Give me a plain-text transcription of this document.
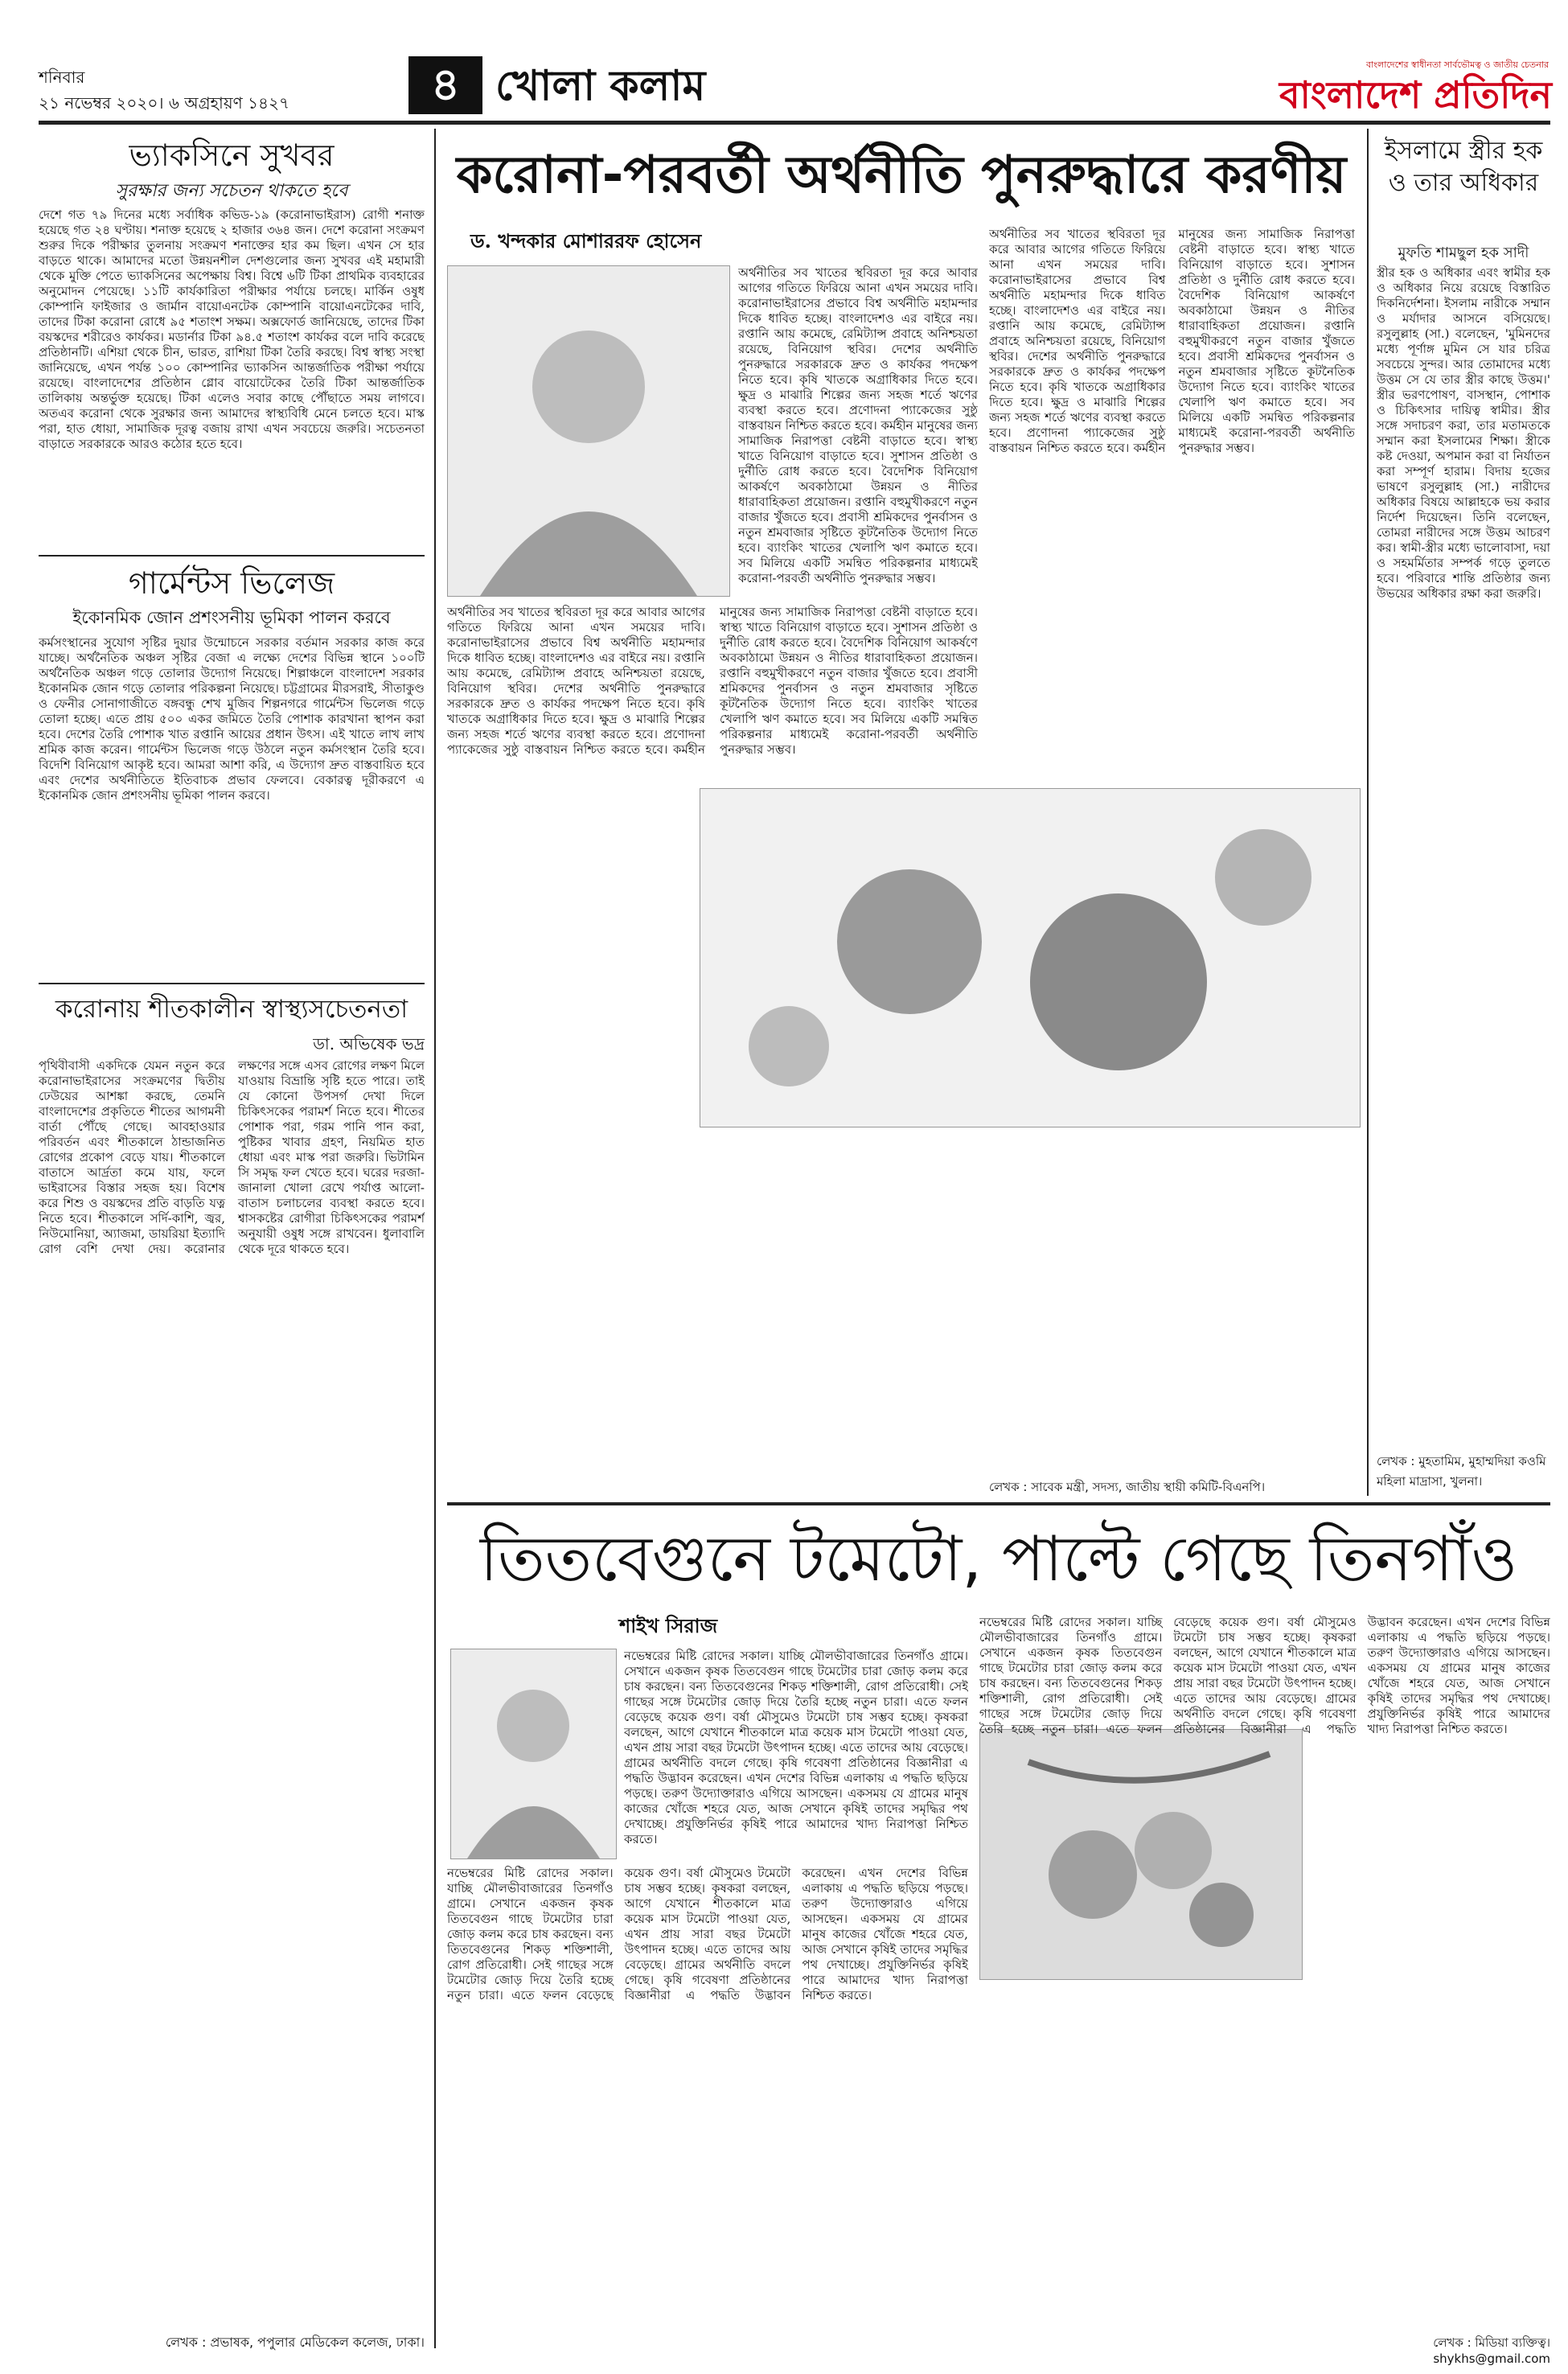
শনিবার
২১ নভেম্বর ২০২০। ৬ অগ্রহায়ণ ১৪২৭	৪ খোলা কলাম	বাংলাদেশের স্বাধীনতা সার্বভৌমত্ব ও জাতীয় চেতনার
বাংলাদেশ প্রতিদিন
ভ্যাকসিনে সুখবর
সুরক্ষার জন্য সচেতন থাকতে হবে
দেশে গত ৭৯ দিনের মধ্যে সর্বাধিক কভিড-১৯ (করোনাভাইরাস) রোগী শনাক্ত হয়েছে গত ২৪ ঘণ্টায়। শনাক্ত হয়েছে ২ হাজার ৩৬৪ জন। দেশে করোনা সংক্রমণ শুরুর দিকে পরীক্ষার তুলনায় সংক্রমণ শনাক্তের হার কম ছিল। এখন সে হার বাড়তে থাকে। আমাদের মতো উন্নয়নশীল দেশগুলোর জন্য সুখবর এই মহামারী থেকে মুক্তি পেতে ভ্যাকসিনের অপেক্ষায় বিশ্ব। বিশ্বে ৬টি টিকা প্রাথমিক ব্যবহারের অনুমোদন পেয়েছে। ১১টি কার্যকারিতা পরীক্ষার পর্যায়ে চলছে। মার্কিন ওষুধ কোম্পানি ফাইজার ও জার্মান বায়োএনটেক কোম্পানি বায়োএনটেকের দাবি, তাদের টিকা করোনা রোধে ৯৫ শতাংশ সক্ষম। অক্সফোর্ড জানিয়েছে, তাদের টিকা বয়স্কদের শরীরেও কার্যকর। মডার্নার টিকা ৯৪.৫ শতাংশ কার্যকর বলে দাবি করেছে প্রতিষ্ঠানটি। এশিয়া থেকে চীন, ভারত, রাশিয়া টিকা তৈরি করছে। বিশ্ব স্বাস্থ্য সংস্থা জানিয়েছে, এখন পর্যন্ত ১০০ কোম্পানির ভ্যাকসিন আন্তর্জাতিক পরীক্ষা পর্যায়ে রয়েছে। বাংলাদেশের প্রতিষ্ঠান গ্লোব বায়োটেকের তৈরি টিকা আন্তর্জাতিক তালিকায় অন্তর্ভুক্ত হয়েছে। টিকা এলেও সবার কাছে পৌঁছাতে সময় লাগবে। অতএব করোনা থেকে সুরক্ষার জন্য আমাদের স্বাস্থ্যবিধি মেনে চলতে হবে। মাস্ক পরা, হাত ধোয়া, সামাজিক দূরত্ব বজায় রাখা এখন সবচেয়ে জরুরি। সচেতনতা বাড়াতে সরকারকে আরও কঠোর হতে হবে।
গার্মেন্টস ভিলেজ
ইকোনমিক জোন প্রশংসনীয় ভূমিকা পালন করবে
কর্মসংস্থানের সুযোগ সৃষ্টির দুয়ার উন্মোচনে সরকার বর্তমান সরকার কাজ করে যাচ্ছে। অর্থনৈতিক অঞ্চল সৃষ্টির বেজা এ লক্ষ্যে দেশের বিভিন্ন স্থানে ১০০টি অর্থনৈতিক অঞ্চল গড়ে তোলার উদ্যোগ নিয়েছে। শিল্পাঞ্চলে বাংলাদেশ সরকার ইকোনমিক জোন গড়ে তোলার পরিকল্পনা নিয়েছে। চট্টগ্রামের মীরসরাই, সীতাকুণ্ড ও ফেনীর সোনাগাজীতে বঙ্গবন্ধু শেখ মুজিব শিল্পনগরে গার্মেন্টস ভিলেজ গড়ে তোলা হচ্ছে। এতে প্রায় ৫০০ একর জমিতে তৈরি পোশাক কারখানা স্থাপন করা হবে। দেশের তৈরি পোশাক খাত রপ্তানি আয়ের প্রধান উৎস। এই খাতে লাখ লাখ শ্রমিক কাজ করেন। গার্মেন্টস ভিলেজ গড়ে উঠলে নতুন কর্মসংস্থান তৈরি হবে। বিদেশি বিনিয়োগ আকৃষ্ট হবে। আমরা আশা করি, এ উদ্যোগ দ্রুত বাস্তবায়িত হবে এবং দেশের অর্থনীতিতে ইতিবাচক প্রভাব ফেলবে। বেকারত্ব দূরীকরণে এ ইকোনমিক জোন প্রশংসনীয় ভূমিকা পালন করবে।
করোনায় শীতকালীন স্বাস্থ্যসচেতনতা
ডা. অভিষেক ভদ্র
পৃথিবীবাসী একদিকে যেমন নতুন করে করোনাভাইরাসের সংক্রমণের দ্বিতীয় ঢেউয়ের আশঙ্কা করছে, তেমনি বাংলাদেশের প্রকৃতিতে শীতের আগমনী বার্তা পৌঁছে গেছে। আবহাওয়ার পরিবর্তন এবং শীতকালে ঠান্ডাজনিত রোগের প্রকোপ বেড়ে যায়। শীতকালে বাতাসে আর্দ্রতা কমে যায়, ফলে ভাইরাসের বিস্তার সহজ হয়। বিশেষ করে শিশু ও বয়স্কদের প্রতি বাড়তি যত্ন নিতে হবে। শীতকালে সর্দি-কাশি, জ্বর, নিউমোনিয়া, অ্যাজমা, ডায়রিয়া ইত্যাদি রোগ বেশি দেখা দেয়। করোনার লক্ষণের সঙ্গে এসব রোগের লক্ষণ মিলে যাওয়ায় বিভ্রান্তি সৃষ্টি হতে পারে। তাই যে কোনো উপসর্গ দেখা দিলে চিকিৎসকের পরামর্শ নিতে হবে। শীতের পোশাক পরা, গরম পানি পান করা, পুষ্টিকর খাবার গ্রহণ, নিয়মিত হাত ধোয়া এবং মাস্ক পরা জরুরি। ভিটামিন সি সমৃদ্ধ ফল খেতে হবে। ঘরের দরজা-জানালা খোলা রেখে পর্যাপ্ত আলো-বাতাস চলাচলের ব্যবস্থা করতে হবে। শ্বাসকষ্টের রোগীরা চিকিৎসকের পরামর্শ অনুযায়ী ওষুধ সঙ্গে রাখবেন। ধুলাবালি থেকে দূরে থাকতে হবে।
লেখক : প্রভাষক, পপুলার মেডিকেল কলেজ, ঢাকা।
করোনা-পরবর্তী অর্থনীতি পুনরুদ্ধারে করণীয়
ড. খন্দকার মোশাররফ হোসেন
অর্থনীতির সব খাতের স্থবিরতা দূর করে আবার আগের গতিতে ফিরিয়ে আনা এখন সময়ের দাবি। করোনাভাইরাসের প্রভাবে বিশ্ব অর্থনীতি মহামন্দার দিকে ধাবিত হচ্ছে। বাংলাদেশও এর বাইরে নয়। রপ্তানি আয় কমেছে, রেমিট্যান্স প্রবাহে অনিশ্চয়তা রয়েছে, বিনিয়োগ স্থবির। দেশের অর্থনীতি পুনরুদ্ধারে সরকারকে দ্রুত ও কার্যকর পদক্ষেপ নিতে হবে। কৃষি খাতকে অগ্রাধিকার দিতে হবে। ক্ষুদ্র ও মাঝারি শিল্পের জন্য সহজ শর্তে ঋণের ব্যবস্থা করতে হবে। প্রণোদনা প্যাকেজের সুষ্ঠু বাস্তবায়ন নিশ্চিত করতে হবে। কর্মহীন মানুষের জন্য সামাজিক নিরাপত্তা বেষ্টনী বাড়াতে হবে। স্বাস্থ্য খাতে বিনিয়োগ বাড়াতে হবে। সুশাসন প্রতিষ্ঠা ও দুর্নীতি রোধ করতে হবে। বৈদেশিক বিনিয়োগ আকর্ষণে অবকাঠামো উন্নয়ন ও নীতির ধারাবাহিকতা প্রয়োজন। রপ্তানি বহুমুখীকরণে নতুন বাজার খুঁজতে হবে। প্রবাসী শ্রমিকদের পুনর্বাসন ও নতুন শ্রমবাজার সৃষ্টিতে কূটনৈতিক উদ্যোগ নিতে হবে। ব্যাংকিং খাতের খেলাপি ঋণ কমাতে হবে। সব মিলিয়ে একটি সমন্বিত পরিকল্পনার মাধ্যমেই করোনা-পরবর্তী অর্থনীতি পুনরুদ্ধার সম্ভব।
অর্থনীতির সব খাতের স্থবিরতা দূর করে আবার আগের গতিতে ফিরিয়ে আনা এখন সময়ের দাবি। করোনাভাইরাসের প্রভাবে বিশ্ব অর্থনীতি মহামন্দার দিকে ধাবিত হচ্ছে। বাংলাদেশও এর বাইরে নয়। রপ্তানি আয় কমেছে, রেমিট্যান্স প্রবাহে অনিশ্চয়তা রয়েছে, বিনিয়োগ স্থবির। দেশের অর্থনীতি পুনরুদ্ধারে সরকারকে দ্রুত ও কার্যকর পদক্ষেপ নিতে হবে। কৃষি খাতকে অগ্রাধিকার দিতে হবে। ক্ষুদ্র ও মাঝারি শিল্পের জন্য সহজ শর্তে ঋণের ব্যবস্থা করতে হবে। প্রণোদনা প্যাকেজের সুষ্ঠু বাস্তবায়ন নিশ্চিত করতে হবে। কর্মহীন মানুষের জন্য সামাজিক নিরাপত্তা বেষ্টনী বাড়াতে হবে। স্বাস্থ্য খাতে বিনিয়োগ বাড়াতে হবে। সুশাসন প্রতিষ্ঠা ও দুর্নীতি রোধ করতে হবে। বৈদেশিক বিনিয়োগ আকর্ষণে অবকাঠামো উন্নয়ন ও নীতির ধারাবাহিকতা প্রয়োজন। রপ্তানি বহুমুখীকরণে নতুন বাজার খুঁজতে হবে। প্রবাসী শ্রমিকদের পুনর্বাসন ও নতুন শ্রমবাজার সৃষ্টিতে কূটনৈতিক উদ্যোগ নিতে হবে। ব্যাংকিং খাতের খেলাপি ঋণ কমাতে হবে। সব মিলিয়ে একটি সমন্বিত পরিকল্পনার মাধ্যমেই করোনা-পরবর্তী অর্থনীতি পুনরুদ্ধার সম্ভব।
অর্থনীতির সব খাতের স্থবিরতা দূর করে আবার আগের গতিতে ফিরিয়ে আনা এখন সময়ের দাবি। করোনাভাইরাসের প্রভাবে বিশ্ব অর্থনীতি মহামন্দার দিকে ধাবিত হচ্ছে। বাংলাদেশও এর বাইরে নয়। রপ্তানি আয় কমেছে, রেমিট্যান্স প্রবাহে অনিশ্চয়তা রয়েছে, বিনিয়োগ স্থবির। দেশের অর্থনীতি পুনরুদ্ধারে সরকারকে দ্রুত ও কার্যকর পদক্ষেপ নিতে হবে। কৃষি খাতকে অগ্রাধিকার দিতে হবে। ক্ষুদ্র ও মাঝারি শিল্পের জন্য সহজ শর্তে ঋণের ব্যবস্থা করতে হবে। প্রণোদনা প্যাকেজের সুষ্ঠু বাস্তবায়ন নিশ্চিত করতে হবে। কর্মহীন মানুষের জন্য সামাজিক নিরাপত্তা বেষ্টনী বাড়াতে হবে। স্বাস্থ্য খাতে বিনিয়োগ বাড়াতে হবে। সুশাসন প্রতিষ্ঠা ও দুর্নীতি রোধ করতে হবে। বৈদেশিক বিনিয়োগ আকর্ষণে অবকাঠামো উন্নয়ন ও নীতির ধারাবাহিকতা প্রয়োজন। রপ্তানি বহুমুখীকরণে নতুন বাজার খুঁজতে হবে। প্রবাসী শ্রমিকদের পুনর্বাসন ও নতুন শ্রমবাজার সৃষ্টিতে কূটনৈতিক উদ্যোগ নিতে হবে। ব্যাংকিং খাতের খেলাপি ঋণ কমাতে হবে। সব মিলিয়ে একটি সমন্বিত পরিকল্পনার মাধ্যমেই করোনা-পরবর্তী অর্থনীতি পুনরুদ্ধার সম্ভব।
লেখক : সাবেক মন্ত্রী, সদস্য, জাতীয় স্থায়ী কমিটি-বিএনপি।
ইসলামে স্ত্রীর হক ও তার অধিকার
মুফতি শামছুল হক সাদী
স্ত্রীর হক ও অধিকার এবং স্বামীর হক ও অধিকার নিয়ে রয়েছে বিস্তারিত দিকনির্দেশনা। ইসলাম নারীকে সম্মান ও মর্যাদার আসনে বসিয়েছে। রসুলুল্লাহ (সা.) বলেছেন, 'মুমিনদের মধ্যে পূর্ণাঙ্গ মুমিন সে যার চরিত্র সবচেয়ে সুন্দর। আর তোমাদের মধ্যে উত্তম সে যে তার স্ত্রীর কাছে উত্তম।' স্ত্রীর ভরণপোষণ, বাসস্থান, পোশাক ও চিকিৎসার দায়িত্ব স্বামীর। স্ত্রীর সঙ্গে সদাচরণ করা, তার মতামতকে সম্মান করা ইসলামের শিক্ষা। স্ত্রীকে কষ্ট দেওয়া, অপমান করা বা নির্যাতন করা সম্পূর্ণ হারাম। বিদায় হজের ভাষণে রসুলুল্লাহ (সা.) নারীদের অধিকার বিষয়ে আল্লাহকে ভয় করার নির্দেশ দিয়েছেন। তিনি বলেছেন, তোমরা নারীদের সঙ্গে উত্তম আচরণ কর। স্বামী-স্ত্রীর মধ্যে ভালোবাসা, দয়া ও সহমর্মিতার সম্পর্ক গড়ে তুলতে হবে। পরিবারে শান্তি প্রতিষ্ঠার জন্য উভয়ের অধিকার রক্ষা করা জরুরি।
লেখক : মুহতামিম, মুহাম্মদিয়া কওমি মহিলা মাদ্রাসা, খুলনা।
তিতবেগুনে টমেটো, পাল্টে গেছে তিনগাঁও
শাইখ সিরাজ
নভেম্বরের মিষ্টি রোদের সকাল। যাচ্ছি মৌলভীবাজারের তিনগাঁও গ্রামে। সেখানে একজন কৃষক তিতবেগুন গাছে টমেটোর চারা জোড় কলম করে চাষ করছেন। বন্য তিতবেগুনের শিকড় শক্তিশালী, রোগ প্রতিরোধী। সেই গাছের সঙ্গে টমেটোর জোড় দিয়ে তৈরি হচ্ছে নতুন চারা। এতে ফলন বেড়েছে কয়েক গুণ। বর্ষা মৌসুমেও টমেটো চাষ সম্ভব হচ্ছে। কৃষকরা বলছেন, আগে যেখানে শীতকালে মাত্র কয়েক মাস টমেটো পাওয়া যেত, এখন প্রায় সারা বছর টমেটো উৎপাদন হচ্ছে। এতে তাদের আয় বেড়েছে। গ্রামের অর্থনীতি বদলে গেছে। কৃষি গবেষণা প্রতিষ্ঠানের বিজ্ঞানীরা এ পদ্ধতি উদ্ভাবন করেছেন। এখন দেশের বিভিন্ন এলাকায় এ পদ্ধতি ছড়িয়ে পড়ছে। তরুণ উদ্যোক্তারাও এগিয়ে আসছেন। একসময় যে গ্রামের মানুষ কাজের খোঁজে শহরে যেত, আজ সেখানে কৃষিই তাদের সমৃদ্ধির পথ দেখাচ্ছে। প্রযুক্তিনির্ভর কৃষিই পারে আমাদের খাদ্য নিরাপত্তা নিশ্চিত করতে।
নভেম্বরের মিষ্টি রোদের সকাল। যাচ্ছি মৌলভীবাজারের তিনগাঁও গ্রামে। সেখানে একজন কৃষক তিতবেগুন গাছে টমেটোর চারা জোড় কলম করে চাষ করছেন। বন্য তিতবেগুনের শিকড় শক্তিশালী, রোগ প্রতিরোধী। সেই গাছের সঙ্গে টমেটোর জোড় দিয়ে তৈরি হচ্ছে নতুন চারা। এতে ফলন বেড়েছে কয়েক গুণ। বর্ষা মৌসুমেও টমেটো চাষ সম্ভব হচ্ছে। কৃষকরা বলছেন, আগে যেখানে শীতকালে মাত্র কয়েক মাস টমেটো পাওয়া যেত, এখন প্রায় সারা বছর টমেটো উৎপাদন হচ্ছে। এতে তাদের আয় বেড়েছে। গ্রামের অর্থনীতি বদলে গেছে। কৃষি গবেষণা প্রতিষ্ঠানের বিজ্ঞানীরা এ পদ্ধতি উদ্ভাবন করেছেন। এখন দেশের বিভিন্ন এলাকায় এ পদ্ধতি ছড়িয়ে পড়ছে। তরুণ উদ্যোক্তারাও এগিয়ে আসছেন। একসময় যে গ্রামের মানুষ কাজের খোঁজে শহরে যেত, আজ সেখানে কৃষিই তাদের সমৃদ্ধির পথ দেখাচ্ছে। প্রযুক্তিনির্ভর কৃষিই পারে আমাদের খাদ্য নিরাপত্তা নিশ্চিত করতে।
নভেম্বরের মিষ্টি রোদের সকাল। যাচ্ছি মৌলভীবাজারের তিনগাঁও গ্রামে। সেখানে একজন কৃষক তিতবেগুন গাছে টমেটোর চারা জোড় কলম করে চাষ করছেন। বন্য তিতবেগুনের শিকড় শক্তিশালী, রোগ প্রতিরোধী। সেই গাছের সঙ্গে টমেটোর জোড় দিয়ে তৈরি হচ্ছে নতুন চারা। এতে ফলন বেড়েছে কয়েক গুণ। বর্ষা মৌসুমেও টমেটো চাষ সম্ভব হচ্ছে। কৃষকরা বলছেন, আগে যেখানে শীতকালে মাত্র কয়েক মাস টমেটো পাওয়া যেত, এখন প্রায় সারা বছর টমেটো উৎপাদন হচ্ছে। এতে তাদের আয় বেড়েছে। গ্রামের অর্থনীতি বদলে গেছে। কৃষি গবেষণা প্রতিষ্ঠানের বিজ্ঞানীরা এ পদ্ধতি উদ্ভাবন করেছেন। এখন দেশের বিভিন্ন এলাকায় এ পদ্ধতি ছড়িয়ে পড়ছে। তরুণ উদ্যোক্তারাও এগিয়ে আসছেন। একসময় যে গ্রামের মানুষ কাজের খোঁজে শহরে যেত, আজ সেখানে কৃষিই তাদের সমৃদ্ধির পথ দেখাচ্ছে। প্রযুক্তিনির্ভর কৃষিই পারে আমাদের খাদ্য নিরাপত্তা নিশ্চিত করতে।
লেখক : মিডিয়া ব্যক্তিত্ব।
shykhs@gmail.com
